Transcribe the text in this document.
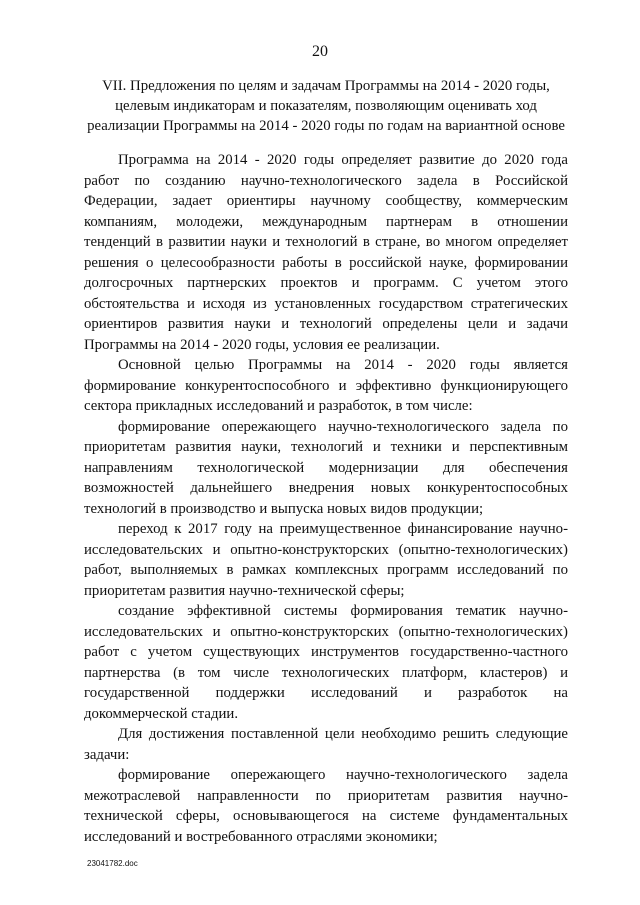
20
VII. Предложения по целям и задачам Программы на 2014 - 2020 годы,
целевым индикаторам и показателям, позволяющим оценивать ход
реализации Программы на 2014 - 2020 годы по годам на вариантной основе
Программа на 2014 - 2020 годы определяет развитие до 2020 года
работ по созданию научно-технологического задела в Российской
Федерации, задает ориентиры научному сообществу, коммерческим
компаниям, молодежи, международным партнерам в отношении
тенденций в развитии науки и технологий в стране, во многом определяет
решения о целесообразности работы в российской науке, формировании
долгосрочных партнерских проектов и программ. С учетом этого
обстоятельства и исходя из установленных государством стратегических
ориентиров развития науки и технологий определены цели и задачи
Программы на 2014 - 2020 годы, условия ее реализации.
Основной целью Программы на 2014 - 2020 годы является
формирование конкурентоспособного и эффективно функционирующего
сектора прикладных исследований и разработок, в том числе:
формирование опережающего научно-технологического задела по
приоритетам развития науки, технологий и техники и перспективным
направлениям технологической модернизации для обеспечения
возможностей дальнейшего внедрения новых конкурентоспособных
технологий в производство и выпуска новых видов продукции;
переход к 2017 году на преимущественное финансирование научно-
исследовательских и опытно-конструкторских (опытно-технологических)
работ, выполняемых в рамках комплексных программ исследований по
приоритетам развития научно-технической сферы;
создание эффективной системы формирования тематик научно-
исследовательских и опытно-конструкторских (опытно-технологических)
работ с учетом существующих инструментов государственно-частного
партнерства (в том числе технологических платформ, кластеров) и
государственной поддержки исследований и разработок на
докоммерческой стадии.
Для достижения поставленной цели необходимо решить следующие
задачи:
формирование опережающего научно-технологического задела
межотраслевой направленности по приоритетам развития научно-
технической сферы, основывающегося на системе фундаментальных
исследований и востребованного отраслями экономики;
23041782.doc
